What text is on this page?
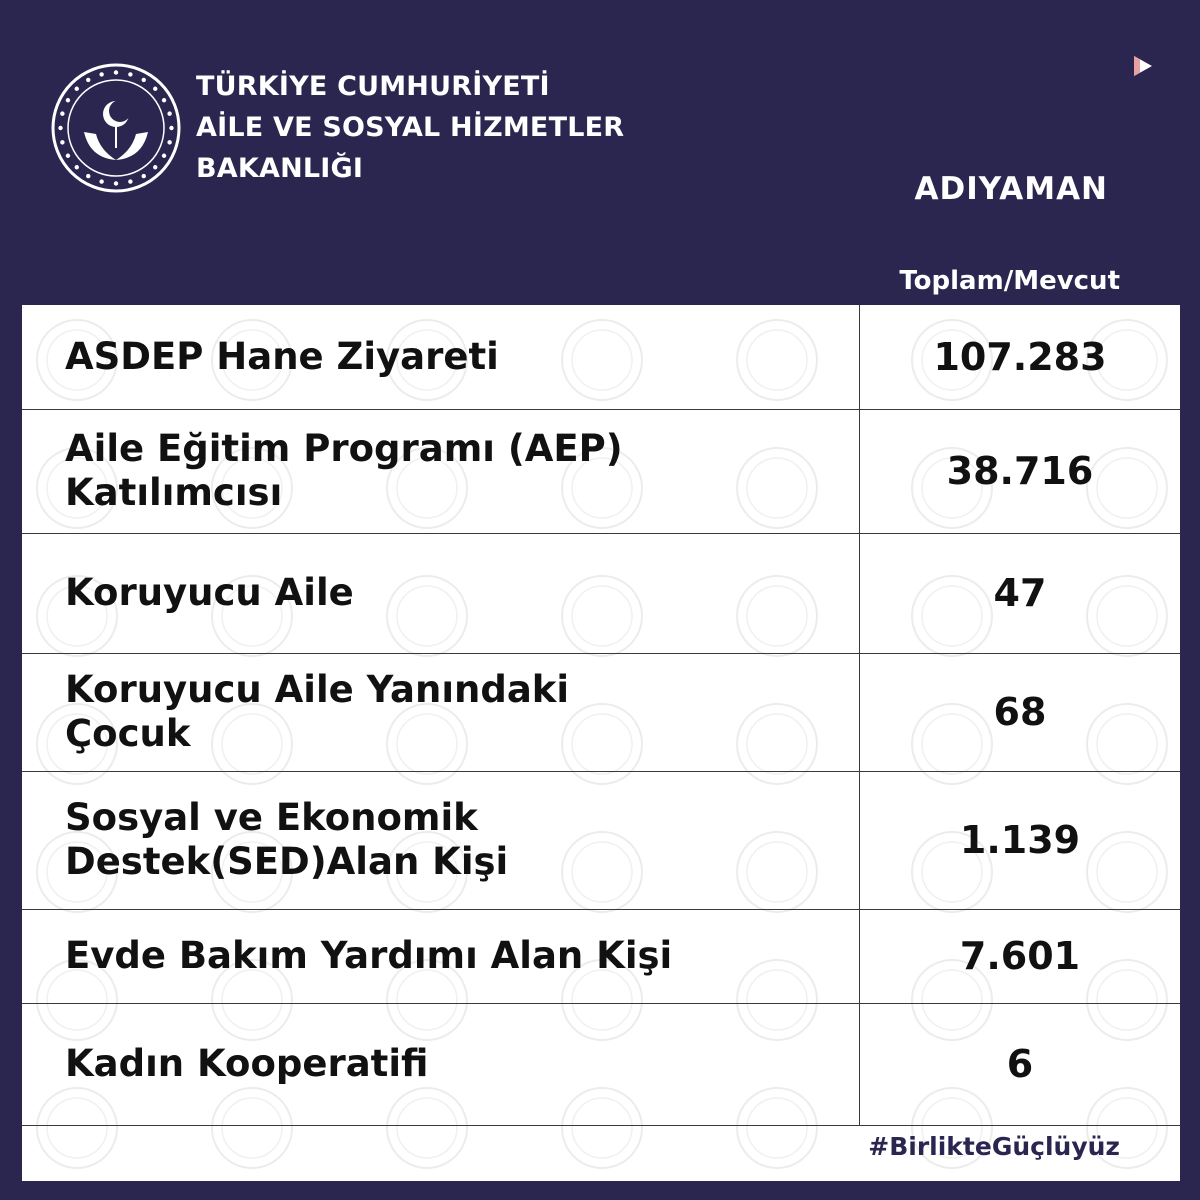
TÜRKİYE CUMHURİYETİ
AİLE VE SOSYAL HİZMETLER
BAKANLIĞI
ADIYAMAN
Toplam/Mevcut
ASDEP Hane Ziyareti	107.283

Aile Eğitim Programı (AEP)
Katılımcısı	38.716

Koruyucu Aile	47

Koruyucu Aile Yanındaki
Çocuk	68

Sosyal ve Ekonomik
Destek(SED)Alan Kişi	1.139

Evde Bakım Yardımı Alan Kişi	7.601

Kadın Kooperatifi	6
#BirlikteGüçlüyüz
